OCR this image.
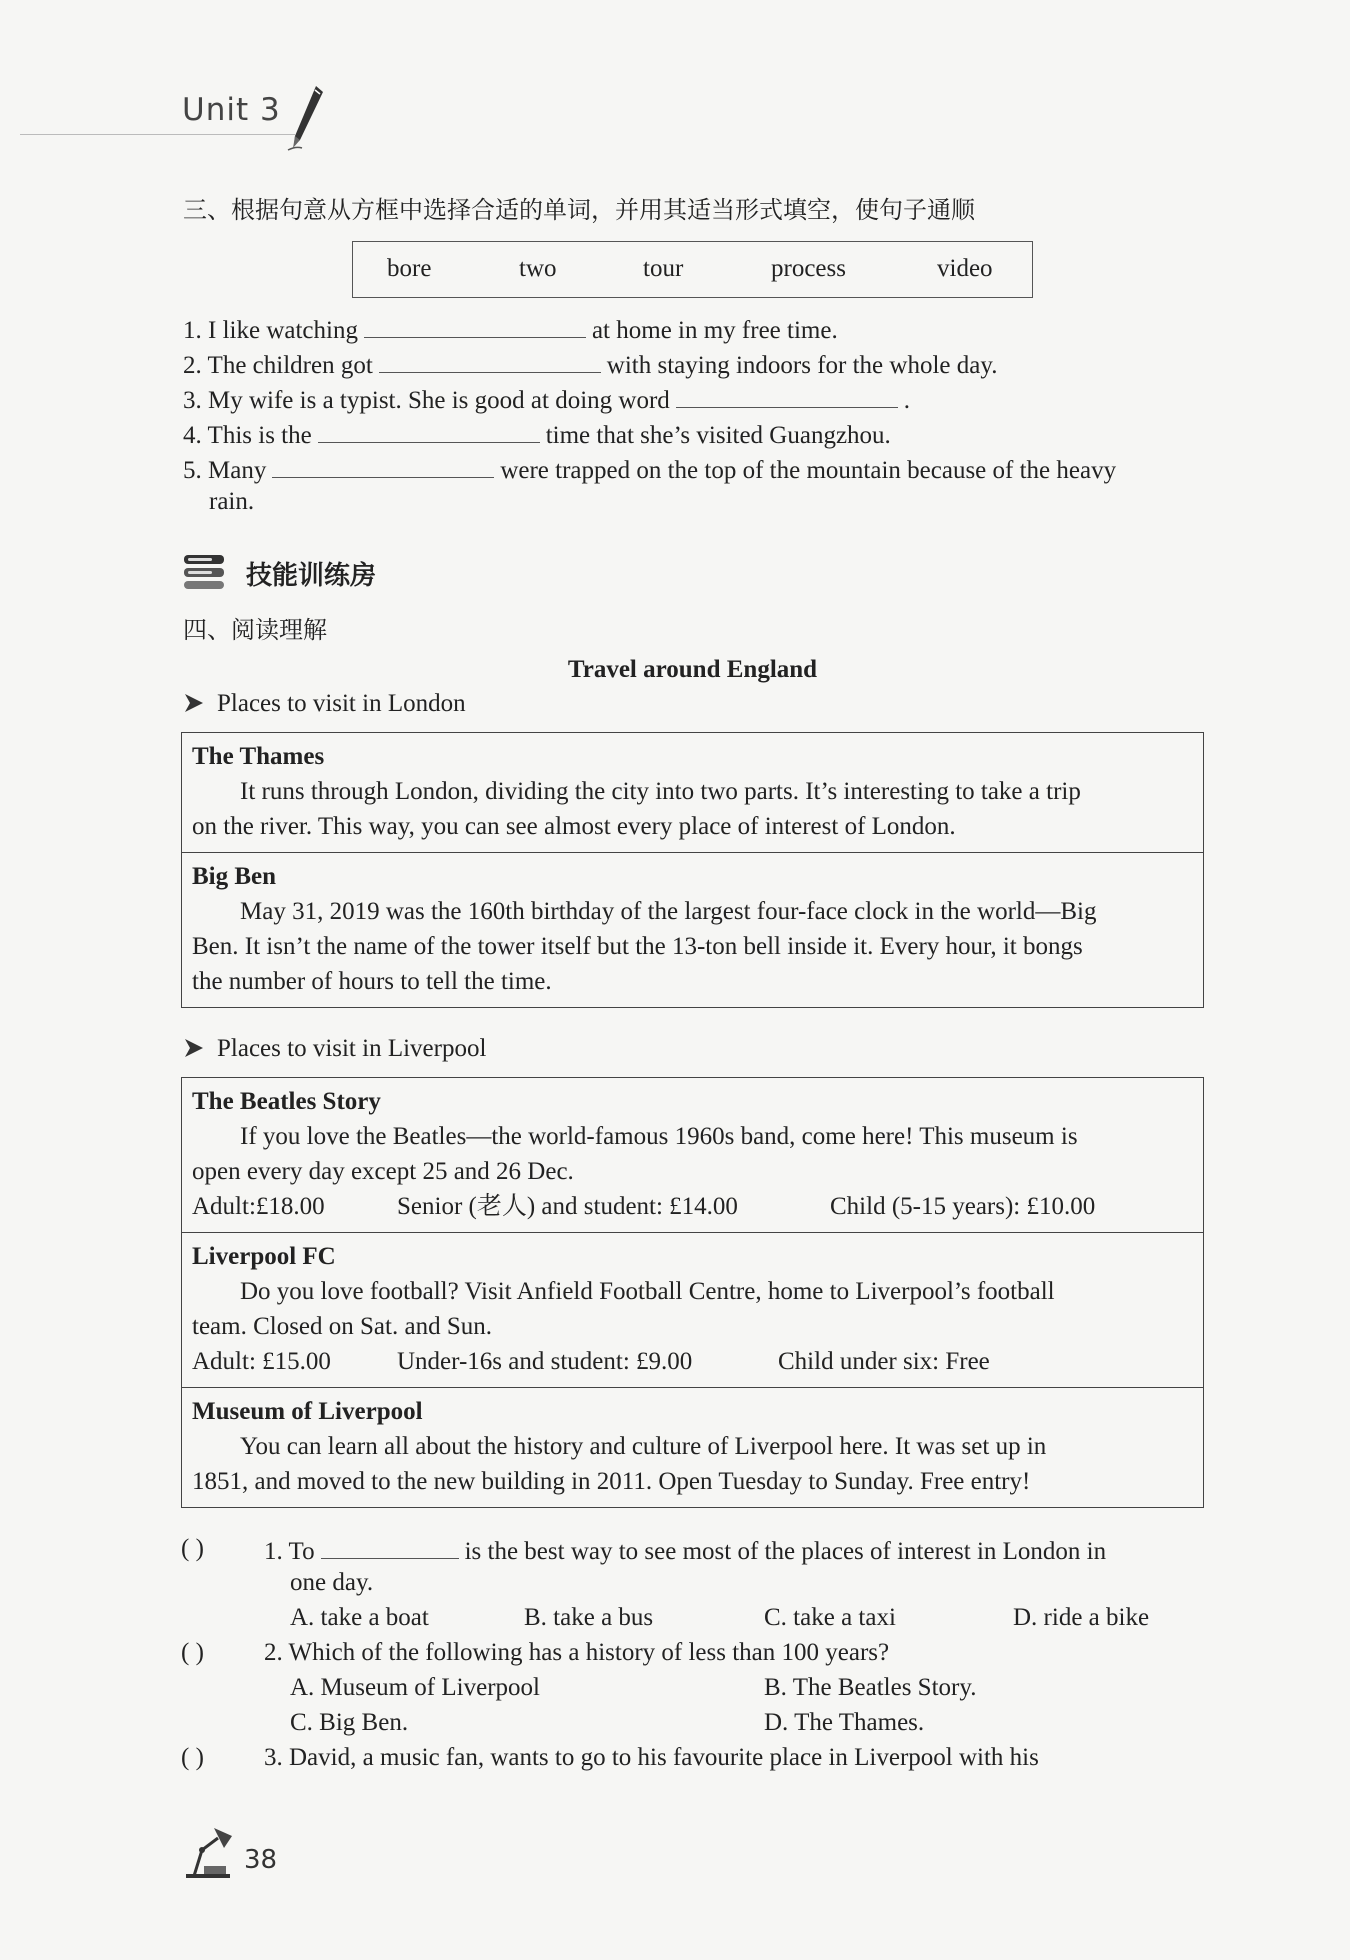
Unit 3
三、根据句意从方框中选择合适的单词，并用其适当形式填空，使句子通顺
bore	two	tour	process	video
1. I like watching	at home in my free time.
2. The children got	with staying indoors for the whole day.
3. My wife is a typist. She is good at doing word	.
4. This is the	time that she’s visited Guangzhou.
5. Many	were trapped on the top of the mountain because of the heavy
rain.
技能训练房
四、阅读理解
Travel around England
Places to visit in London
The Thames
It runs through London, dividing the city into two parts. It’s interesting to take a trip
on the river. This way, you can see almost every place of interest of London.
Big Ben
May 31, 2019 was the 160th birthday of the largest four-face clock in the world—Big
Ben. It isn’t the name of the tower itself but the 13-ton bell inside it. Every hour, it bongs
the number of hours to tell the time.
Places to visit in Liverpool
The Beatles Story
If you love the Beatles—the world-famous 1960s band, come here! This museum is
open every day except 25 and 26 Dec.
Adult:£18.00	Senior (老人) and student: £14.00	Child (5-15 years): £10.00
Liverpool FC
Do you love football? Visit Anfield Football Centre, home to Liverpool’s football
team. Closed on Sat. and Sun.
Adult: £15.00	Under-16s and student: £9.00	Child under six: Free
Museum of Liverpool
You can learn all about the history and culture of Liverpool here. It was set up in
1851, and moved to the new building in 2011. Open Tuesday to Sunday. Free entry!
( ) 1. To	is the best way to see most of the places of interest in London in
one day.
A. take a boat	B. take a bus	C. take a taxi	D. ride a bike
( ) 2. Which of the following has a history of less than 100 years?
A. Museum of Liverpool	B. The Beatles Story.
C. Big Ben.	D. The Thames.
( ) 3. David, a music fan, wants to go to his favourite place in Liverpool with his
38
